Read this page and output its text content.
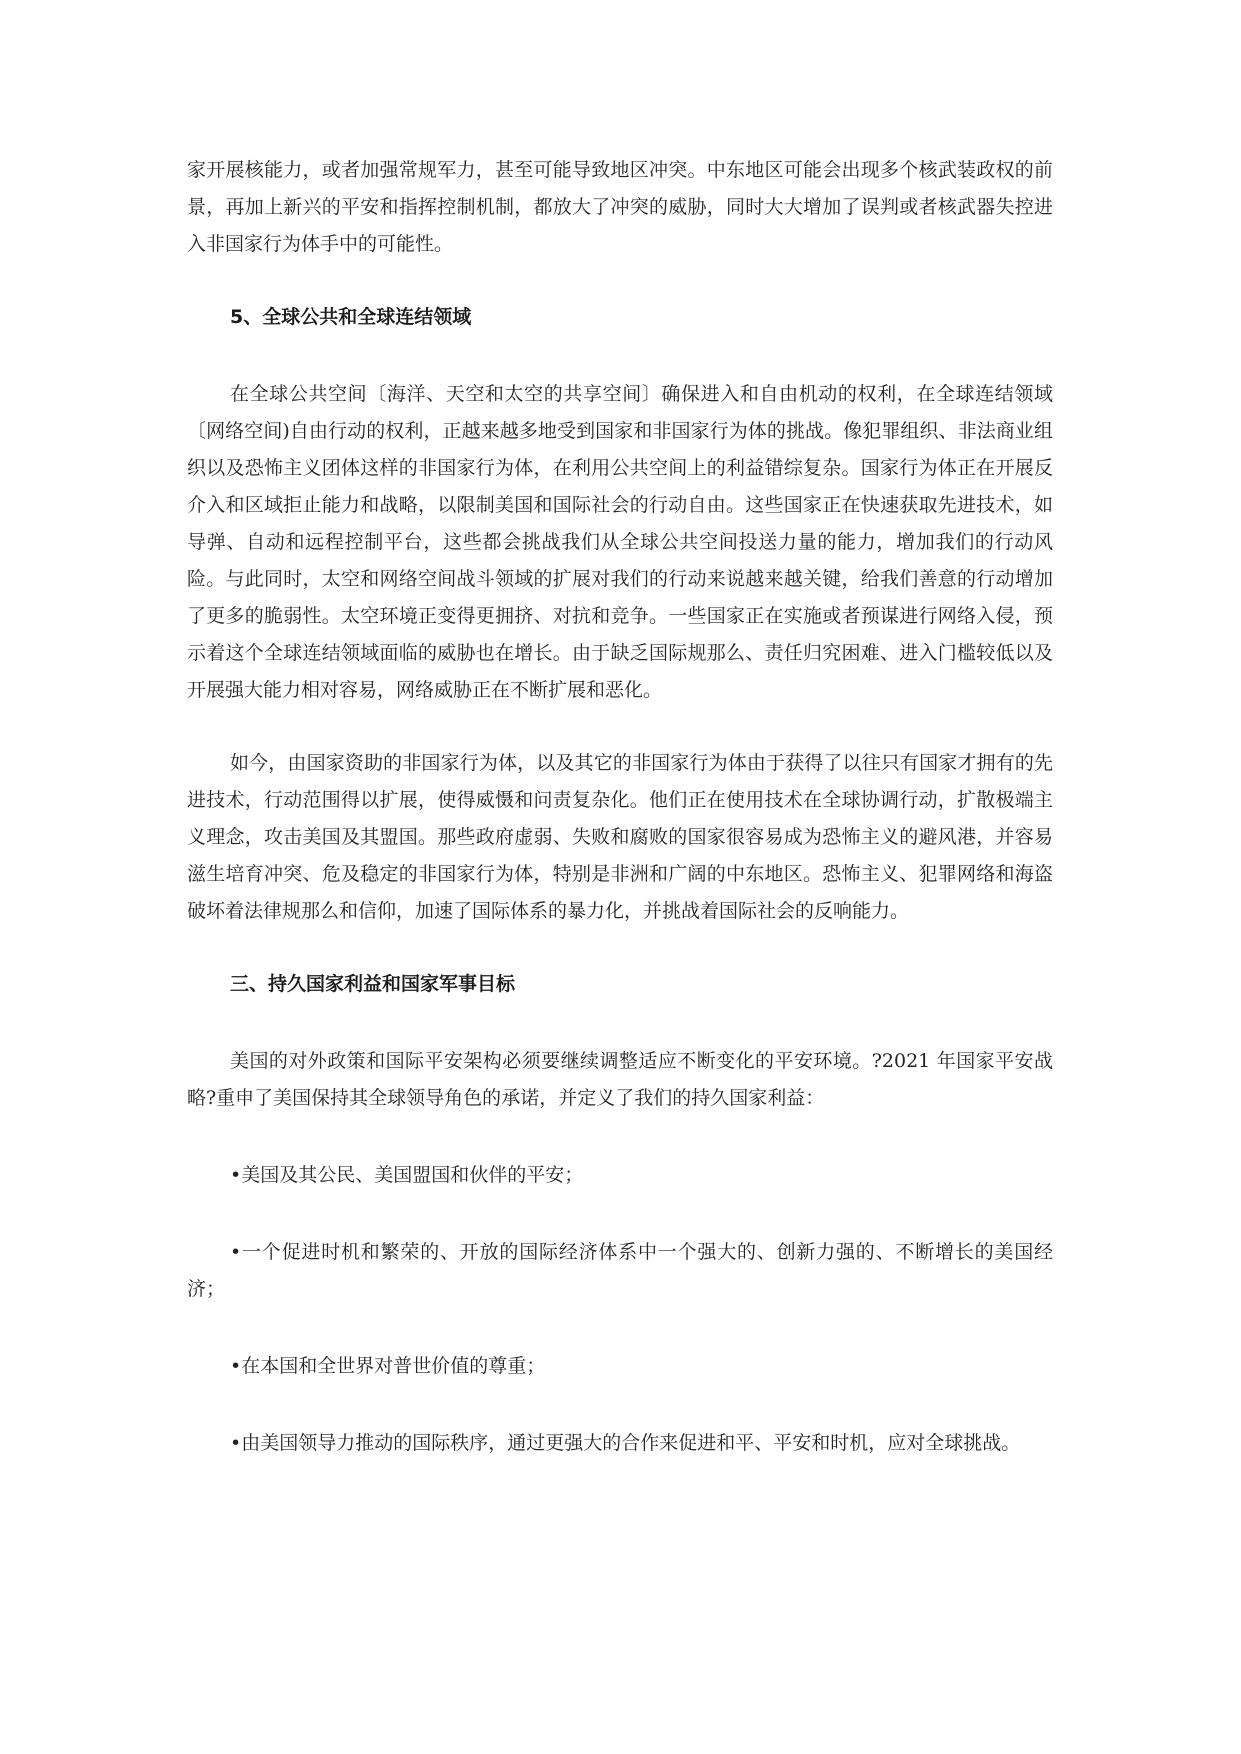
家开展核能力，或者加强常规军力，甚至可能导致地区冲突。中东地区可能会出现多个核武装政权的前景，再加上新兴的平安和指挥控制机制，都放大了冲突的威胁，同时大大增加了误判或者核武器失控进入非国家行为体手中的可能性。

5、全球公共和全球连结领域

在全球公共空间〔海洋、天空和太空的共享空间〕确保进入和自由机动的权利，在全球连结领域〔网络空间)自由行动的权利，正越来越多地受到国家和非国家行为体的挑战。像犯罪组织、非法商业组织以及恐怖主义团体这样的非国家行为体，在利用公共空间上的利益错综复杂。国家行为体正在开展反介入和区域拒止能力和战略，以限制美国和国际社会的行动自由。这些国家正在快速获取先进技术，如导弹、自动和远程控制平台，这些都会挑战我们从全球公共空间投送力量的能力，增加我们的行动风险。与此同时，太空和网络空间战斗领域的扩展对我们的行动来说越来越关键，给我们善意的行动增加了更多的脆弱性。太空环境正变得更拥挤、对抗和竞争。一些国家正在实施或者预谋进行网络入侵，预示着这个全球连结领域面临的威胁也在增长。由于缺乏国际规那么、责任归究困难、进入门槛较低以及开展强大能力相对容易，网络威胁正在不断扩展和恶化。

如今，由国家资助的非国家行为体，以及其它的非国家行为体由于获得了以往只有国家才拥有的先进技术，行动范围得以扩展，使得威慑和问责复杂化。他们正在使用技术在全球协调行动，扩散极端主义理念，攻击美国及其盟国。那些政府虚弱、失败和腐败的国家很容易成为恐怖主义的避风港，并容易滋生培育冲突、危及稳定的非国家行为体，特别是非洲和广阔的中东地区。恐怖主义、犯罪网络和海盗破坏着法律规那么和信仰，加速了国际体系的暴力化，并挑战着国际社会的反响能力。

三、持久国家利益和国家军事目标

美国的对外政策和国际平安架构必须要继续调整适应不断变化的平安环境。?2021 年国家平安战略?重申了美国保持其全球领导角色的承诺，并定义了我们的持久国家利益：

•美国及其公民、美国盟国和伙伴的平安；

•一个促进时机和繁荣的、开放的国际经济体系中一个强大的、创新力强的、不断增长的美国经济；

•在本国和全世界对普世价值的尊重；

•由美国领导力推动的国际秩序，通过更强大的合作来促进和平、平安和时机，应对全球挑战。
